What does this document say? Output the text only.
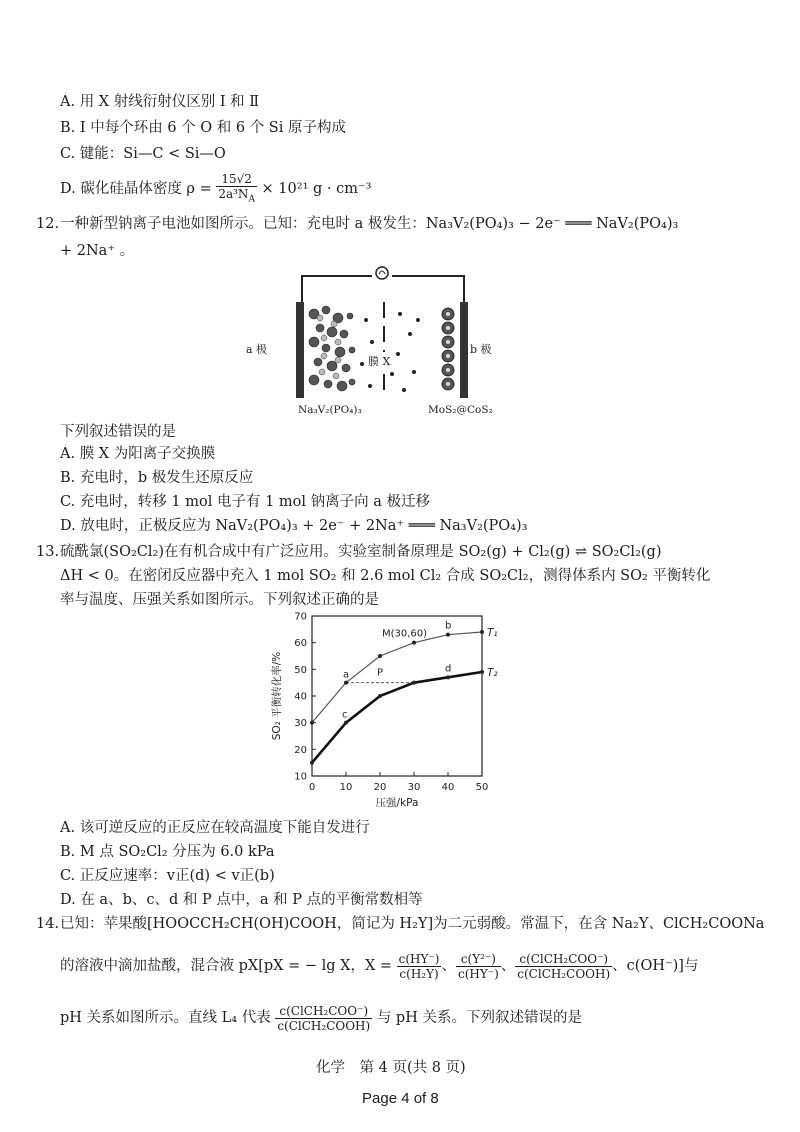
A. 用 X 射线衍射仪区别 Ⅰ 和 Ⅱ
B. Ⅰ 中每个环由 6 个 O 和 6 个 Si 原子构成
C. 键能：Si—C < Si—O
D. 碳化硅晶体密度 $\rho = \frac{15√2}{2a^3N_A} \times 10^{21}$ g · cm⁻³
12. 一种新型钠离子电池如图所示。已知：充电时 a 极发生：Na₃V₂(PO₄)₃ − 2e⁻ ═══ NaV₂(PO₄)₃
+ 2Na⁺ 。
a 极	b 极
膜 X
Na₃V₂(PO₄)₃	MoS₂@CoS₂
下列叙述错误的是
A. 膜 X 为阳离子交换膜
B. 充电时，b 极发生还原反应
C. 充电时，转移 1 mol 电子有 1 mol 钠离子向 a 极迁移
D. 放电时，正极反应为 NaV₂(PO₄)₃ + 2e⁻ + 2Na⁺ ═══ Na₃V₂(PO₄)₃
13. 硫酰氯(SO₂Cl₂)在有机合成中有广泛应用。实验室制备原理是 SO₂(g) + Cl₂(g) ⇌ SO₂Cl₂(g)
ΔH < 0。在密闭反应器中充入 1 mol SO₂ 和 2.6 mol Cl₂ 合成 SO₂Cl₂，测得体系内 SO₂ 平衡转化
率与温度、压强关系如图所示。下列叙述正确的是
0 10 20 30 40 50
10
20
30
40
50
60
70
压强/kPa
SO₂ 平衡转化率/%
T₁
T₂
a
M(30,60)
b
c
P	d
A. 该可逆反应的正反应在较高温度下能自发进行
B. M 点 SO₂Cl₂ 分压为 6.0 kPa
C. 正反应速率：v正(d) < v正(b)
D. 在 a、b、c、d 和 P 点中，a 和 P 点的平衡常数相等
14. 已知：苹果酸[HOOCCH₂CH(OH)COOH，简记为 H₂Y]为二元弱酸。常温下，在含 Na₂Y、ClCH₂COONa
的溶液中滴加盐酸，混合液 pX[pX = − lg X，$X = \frac{c(HY^-)}{\text{c(H₂Y)}}$ 、 $\frac{\text{c(Y²⁻)}}{c(HY^-)}$ 、 $\frac{\text{c(ClCH₂COO⁻)}}{\text{c(ClCH₂COOH)}}$ 、c(OH⁻)]与
pH 关系如图所示。直线 L₄ 代表 $\frac{\text{c(ClCH₂COO⁻)}}{\text{c(ClCH₂COOH)}}$ 与 pH 关系。下列叙述错误的是
化学　第 4 页(共 8 页)
Page 4 of 8
